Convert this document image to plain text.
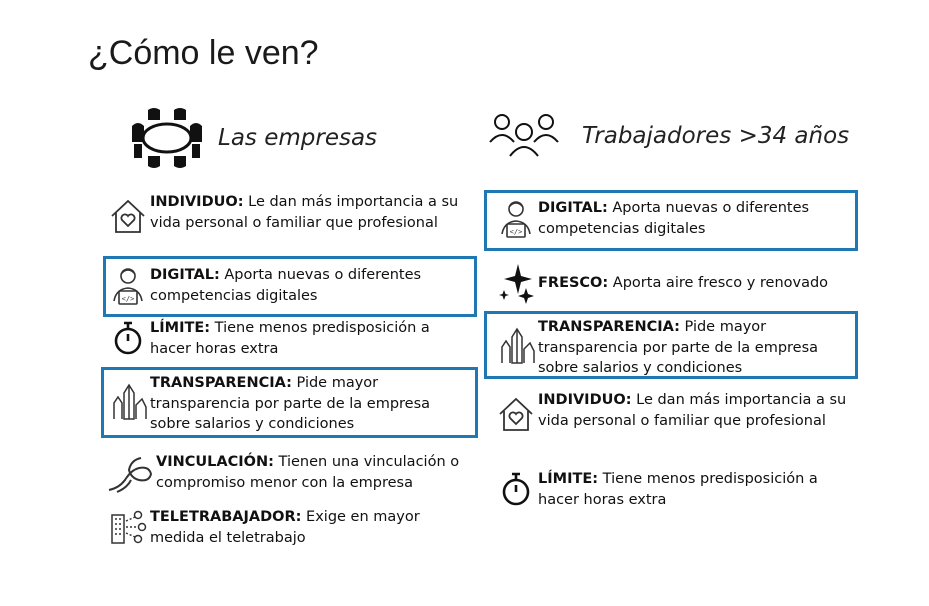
¿Cómo le ven?
Las empresas	Trabajadores >34 años
INDIVIDUO: Le dan más importancia a su vida personal o familiar que profesional
</>
DIGITAL: Aporta nuevas o diferentes competencias digitales
LÍMITE: Tiene menos predisposición a hacer horas extra
TRANSPARENCIA: Pide mayor transparencia por parte de la empresa sobre salarios y condiciones
VINCULACIÓN: Tienen una vinculación o compromiso menor con la empresa
TELETRABAJADOR: Exige en mayor medida el teletrabajo
</>
DIGITAL: Aporta nuevas o diferentes competencias digitales
FRESCO: Aporta aire fresco y renovado
TRANSPARENCIA: Pide mayor transparencia por parte de la empresa sobre salarios y condiciones
INDIVIDUO: Le dan más importancia a su vida personal o familiar que profesional
LÍMITE: Tiene menos predisposición a hacer horas extra
